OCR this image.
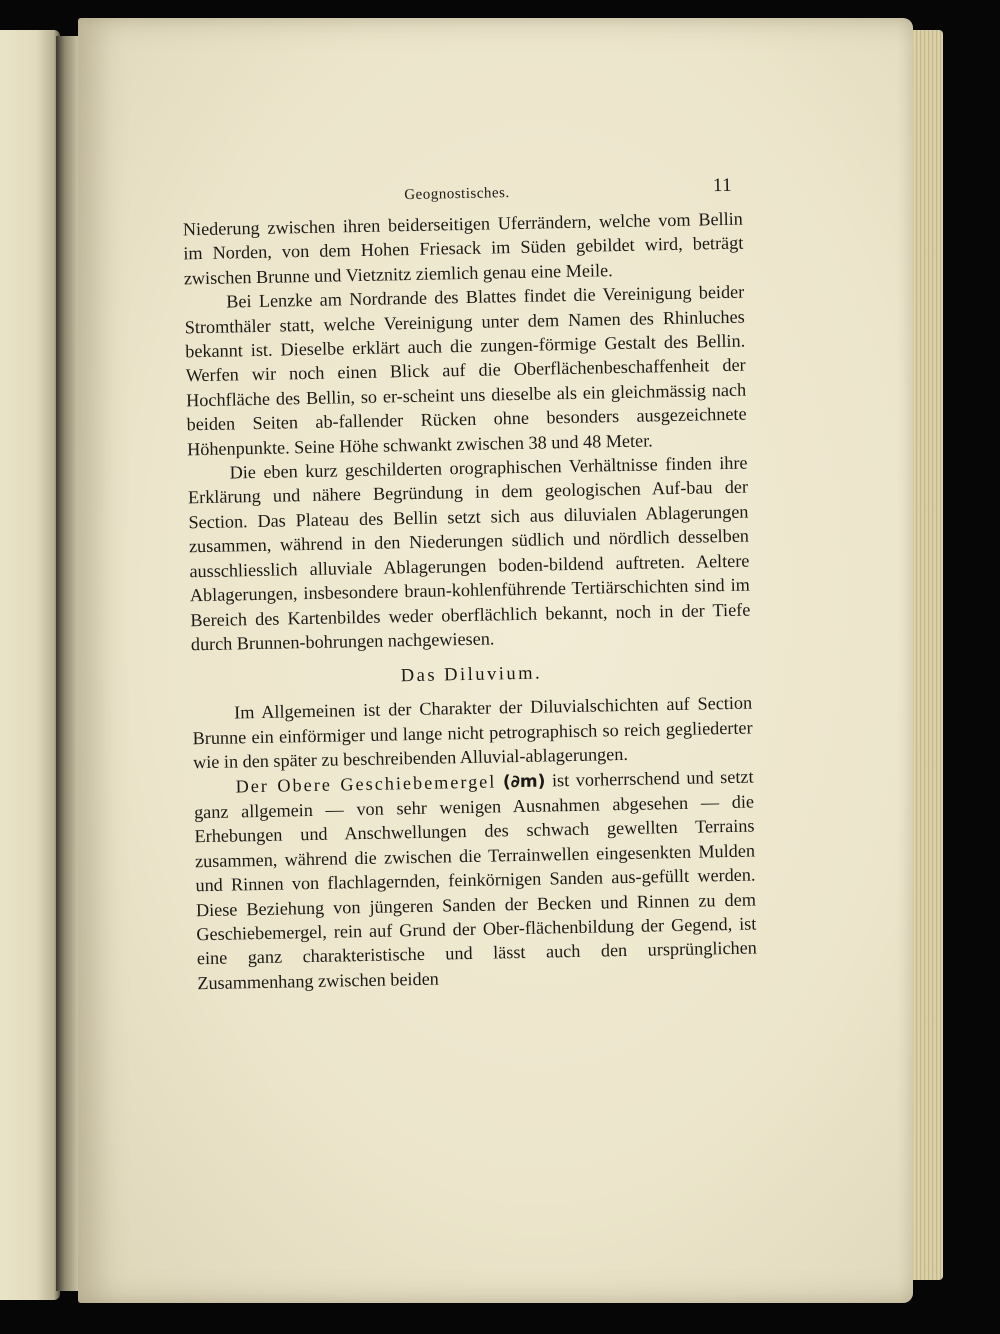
Geognostisches.	11

Niederung zwischen ihren beiderseitigen Uferrändern, welche vom Bellin im Norden, von dem Hohen Friesack im Süden gebildet wird, beträgt zwischen Brunne und Vietznitz ziemlich genau eine Meile.

Bei Lenzke am Nordrande des Blattes findet die Vereinigung beider Stromthäler statt, welche Vereinigung unter dem Namen des Rhinluches bekannt ist. Dieselbe erklärt auch die zungen-förmige Gestalt des Bellin. Werfen wir noch einen Blick auf die Oberflächenbeschaffenheit der Hochfläche des Bellin, so er-scheint uns dieselbe als ein gleichmässig nach beiden Seiten ab-fallender Rücken ohne besonders ausgezeichnete Höhenpunkte. Seine Höhe schwankt zwischen 38 und 48 Meter.

Die eben kurz geschilderten orographischen Verhältnisse finden ihre Erklärung und nähere Begründung in dem geologischen Auf-bau der Section. Das Plateau des Bellin setzt sich aus diluvialen Ablagerungen zusammen, während in den Niederungen südlich und nördlich desselben ausschliesslich alluviale Ablagerungen boden-bildend auftreten. Aeltere Ablagerungen, insbesondere braun-kohlenführende Tertiärschichten sind im Bereich des Kartenbildes weder oberflächlich bekannt, noch in der Tiefe durch Brunnen-bohrungen nachgewiesen.

Das Diluvium.

Im Allgemeinen ist der Charakter der Diluvialschichten auf Section Brunne ein einförmiger und lange nicht petrographisch so reich gegliederter wie in den später zu beschreibenden Alluvial-ablagerungen.

Der Obere Geschiebemergel (∂m) ist vorherrschend und setzt ganz allgemein — von sehr wenigen Ausnahmen abgesehen — die Erhebungen und Anschwellungen des schwach gewellten Terrains zusammen, während die zwischen die Terrainwellen eingesenkten Mulden und Rinnen von flachlagernden, feinkörnigen Sanden aus-gefüllt werden. Diese Beziehung von jüngeren Sanden der Becken und Rinnen zu dem Geschiebemergel, rein auf Grund der Ober-flächenbildung der Gegend, ist eine ganz charakteristische und lässt auch den ursprünglichen Zusammenhang zwischen beiden
